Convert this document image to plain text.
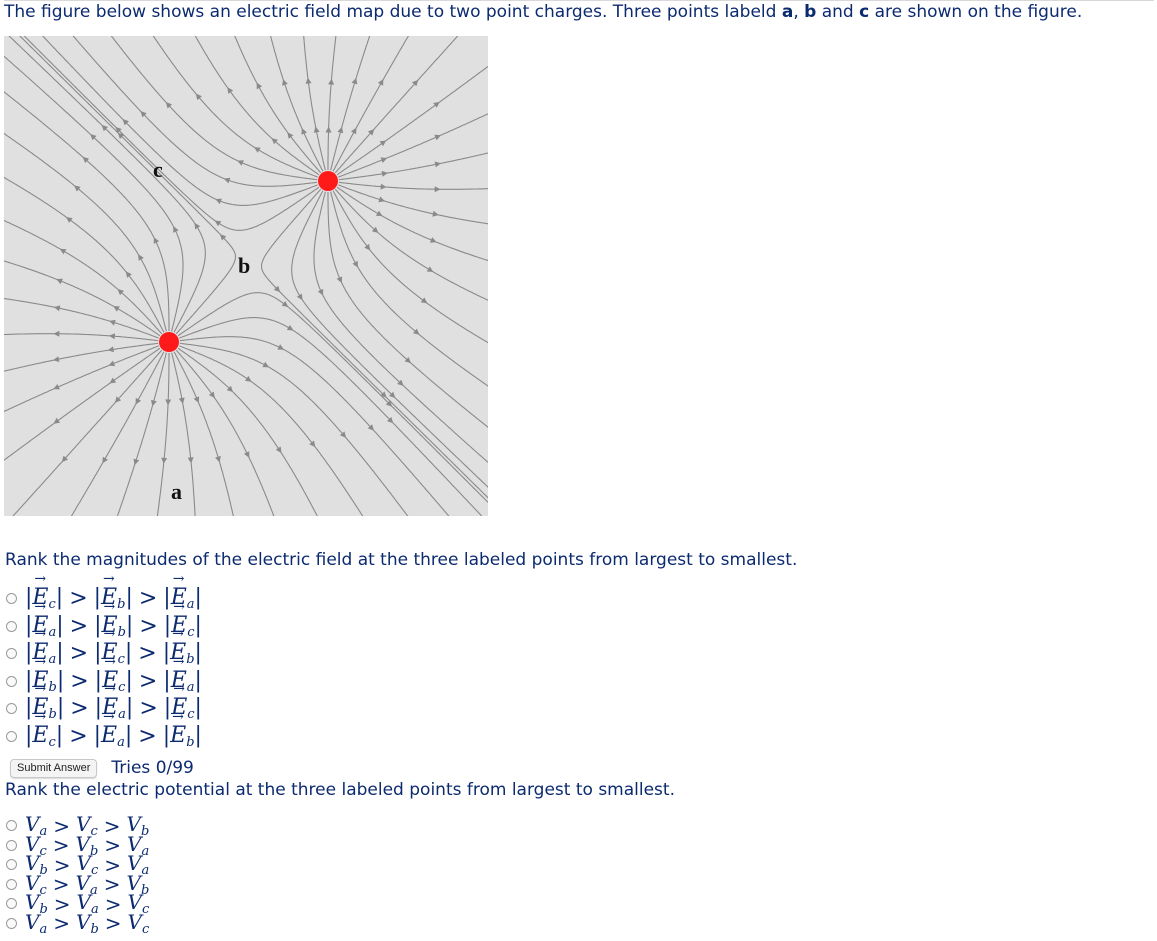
The figure below shows an electric field map due to two point charges. Three points labeld a, b and c are shown on the figure.
c
b
a
Rank the magnitudes of the electric field at the three labeled points from largest to smallest.
|→ $E_c|$ > |→ $E_b|$ > |→ $E_a|$
|→ $E_a|$ > |→ $E_b|$ > |→ $E_c|$
|→ $E_a|$ > |→ $E_c|$ > |→ $E_b|$
|→ $E_b|$ > |→ $E_c|$ > |→ $E_a|$
|→ $E_b|$ > |→ $E_a|$ > |→ $E_c|$
|→ $E_c|$ > |→ $E_a|$ > |→ $E_b|$
Submit Answer	Tries 0/99
Rank the electric potential at the three labeled points from largest to smallest.
$V_a > V_c > V_b$
$V_c > V_b > V_a$
$V_b > V_c > V_a$
$V_c > V_a > V_b$
$V_b > V_a > V_c$
$V_a > V_b > V_c$
